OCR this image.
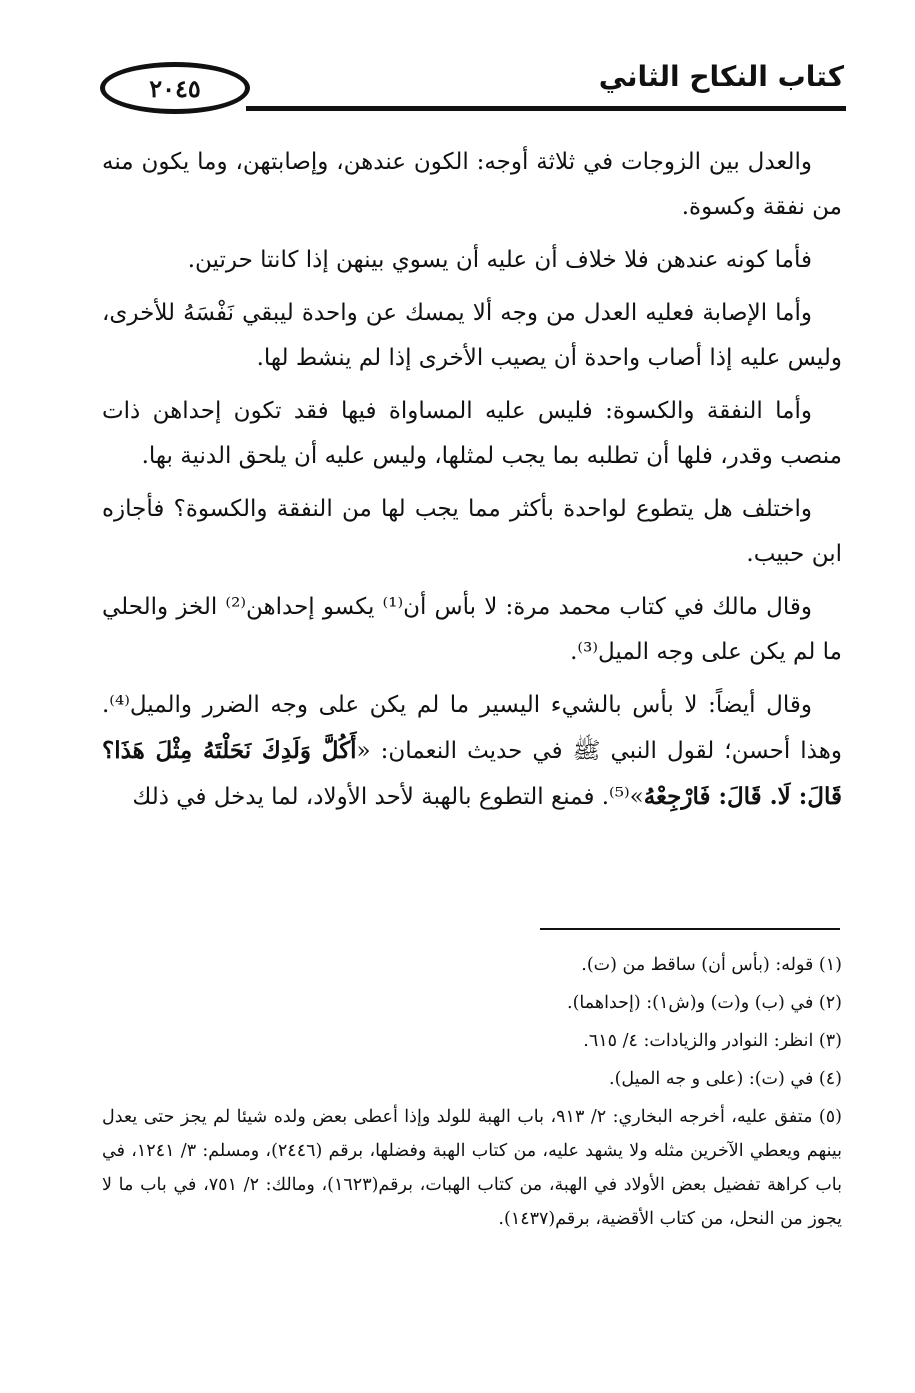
٢٠٤٥	كتاب النكاح الثاني

والعدل بين الزوجات في ثلاثة أوجه: الكون عندهن، وإصابتهن، وما يكون منه من نفقة وكسوة.

فأما كونه عندهن فلا خلاف أن عليه أن يسوي بينهن إذا كانتا حرتين.

وأما الإصابة فعليه العدل من وجه ألا يمسك عن واحدة ليبقي نَفْسَهُ للأخرى، وليس عليه إذا أصاب واحدة أن يصيب الأخرى إذا لم ينشط لها.

وأما النفقة والكسوة: فليس عليه المساواة فيها فقد تكون إحداهن ذات منصب وقدر، فلها أن تطلبه بما يجب لمثلها، وليس عليه أن يلحق الدنية بها.

واختلف هل يتطوع لواحدة بأكثر مما يجب لها من النفقة والكسوة؟ فأجازه ابن حبيب.

وقال مالك في كتاب محمد مرة: لا بأس أن⁽¹⁾ يكسو إحداهن⁽²⁾ الخز والحلي ما لم يكن على وجه الميل⁽³⁾.

وقال أيضاً: لا بأس بالشيء اليسير ما لم يكن على وجه الضرر والميل⁽⁴⁾. وهذا أحسن؛ لقول النبي ﷺ في حديث النعمان: «أَكُلَّ وَلَدِكَ نَحَلْتَهُ مِثْلَ هَذَا؟ قَالَ: لَا. قَالَ: فَارْجِعْهُ»⁽⁵⁾. فمنع التطوع بالهبة لأحد الأولاد، لما يدخل في ذلك

(١) قوله: (بأس أن) ساقط من (ت).
(٢) في (ب) و(ت) و(ش١): (إحداهما).
(٣) انظر: النوادر والزيادات: ٤/ ٦١٥.
(٤) في (ت): (على و جه الميل).
(٥) متفق عليه، أخرجه البخاري: ٢/ ٩١٣، باب الهبة للولد وإذا أعطى بعض ولده شيئا لم يجز حتى يعدل بينهم ويعطي الآخرين مثله ولا يشهد عليه، من كتاب الهبة وفضلها، برقم (٢٤٤٦)، ومسلم: ٣/ ١٢٤١، في باب كراهة تفضيل بعض الأولاد في الهبة، من كتاب الهبات، برقم(١٦٢٣)، ومالك: ٢/ ٧٥١، في باب ما لا يجوز من النحل، من كتاب الأقضية، برقم(١٤٣٧).
